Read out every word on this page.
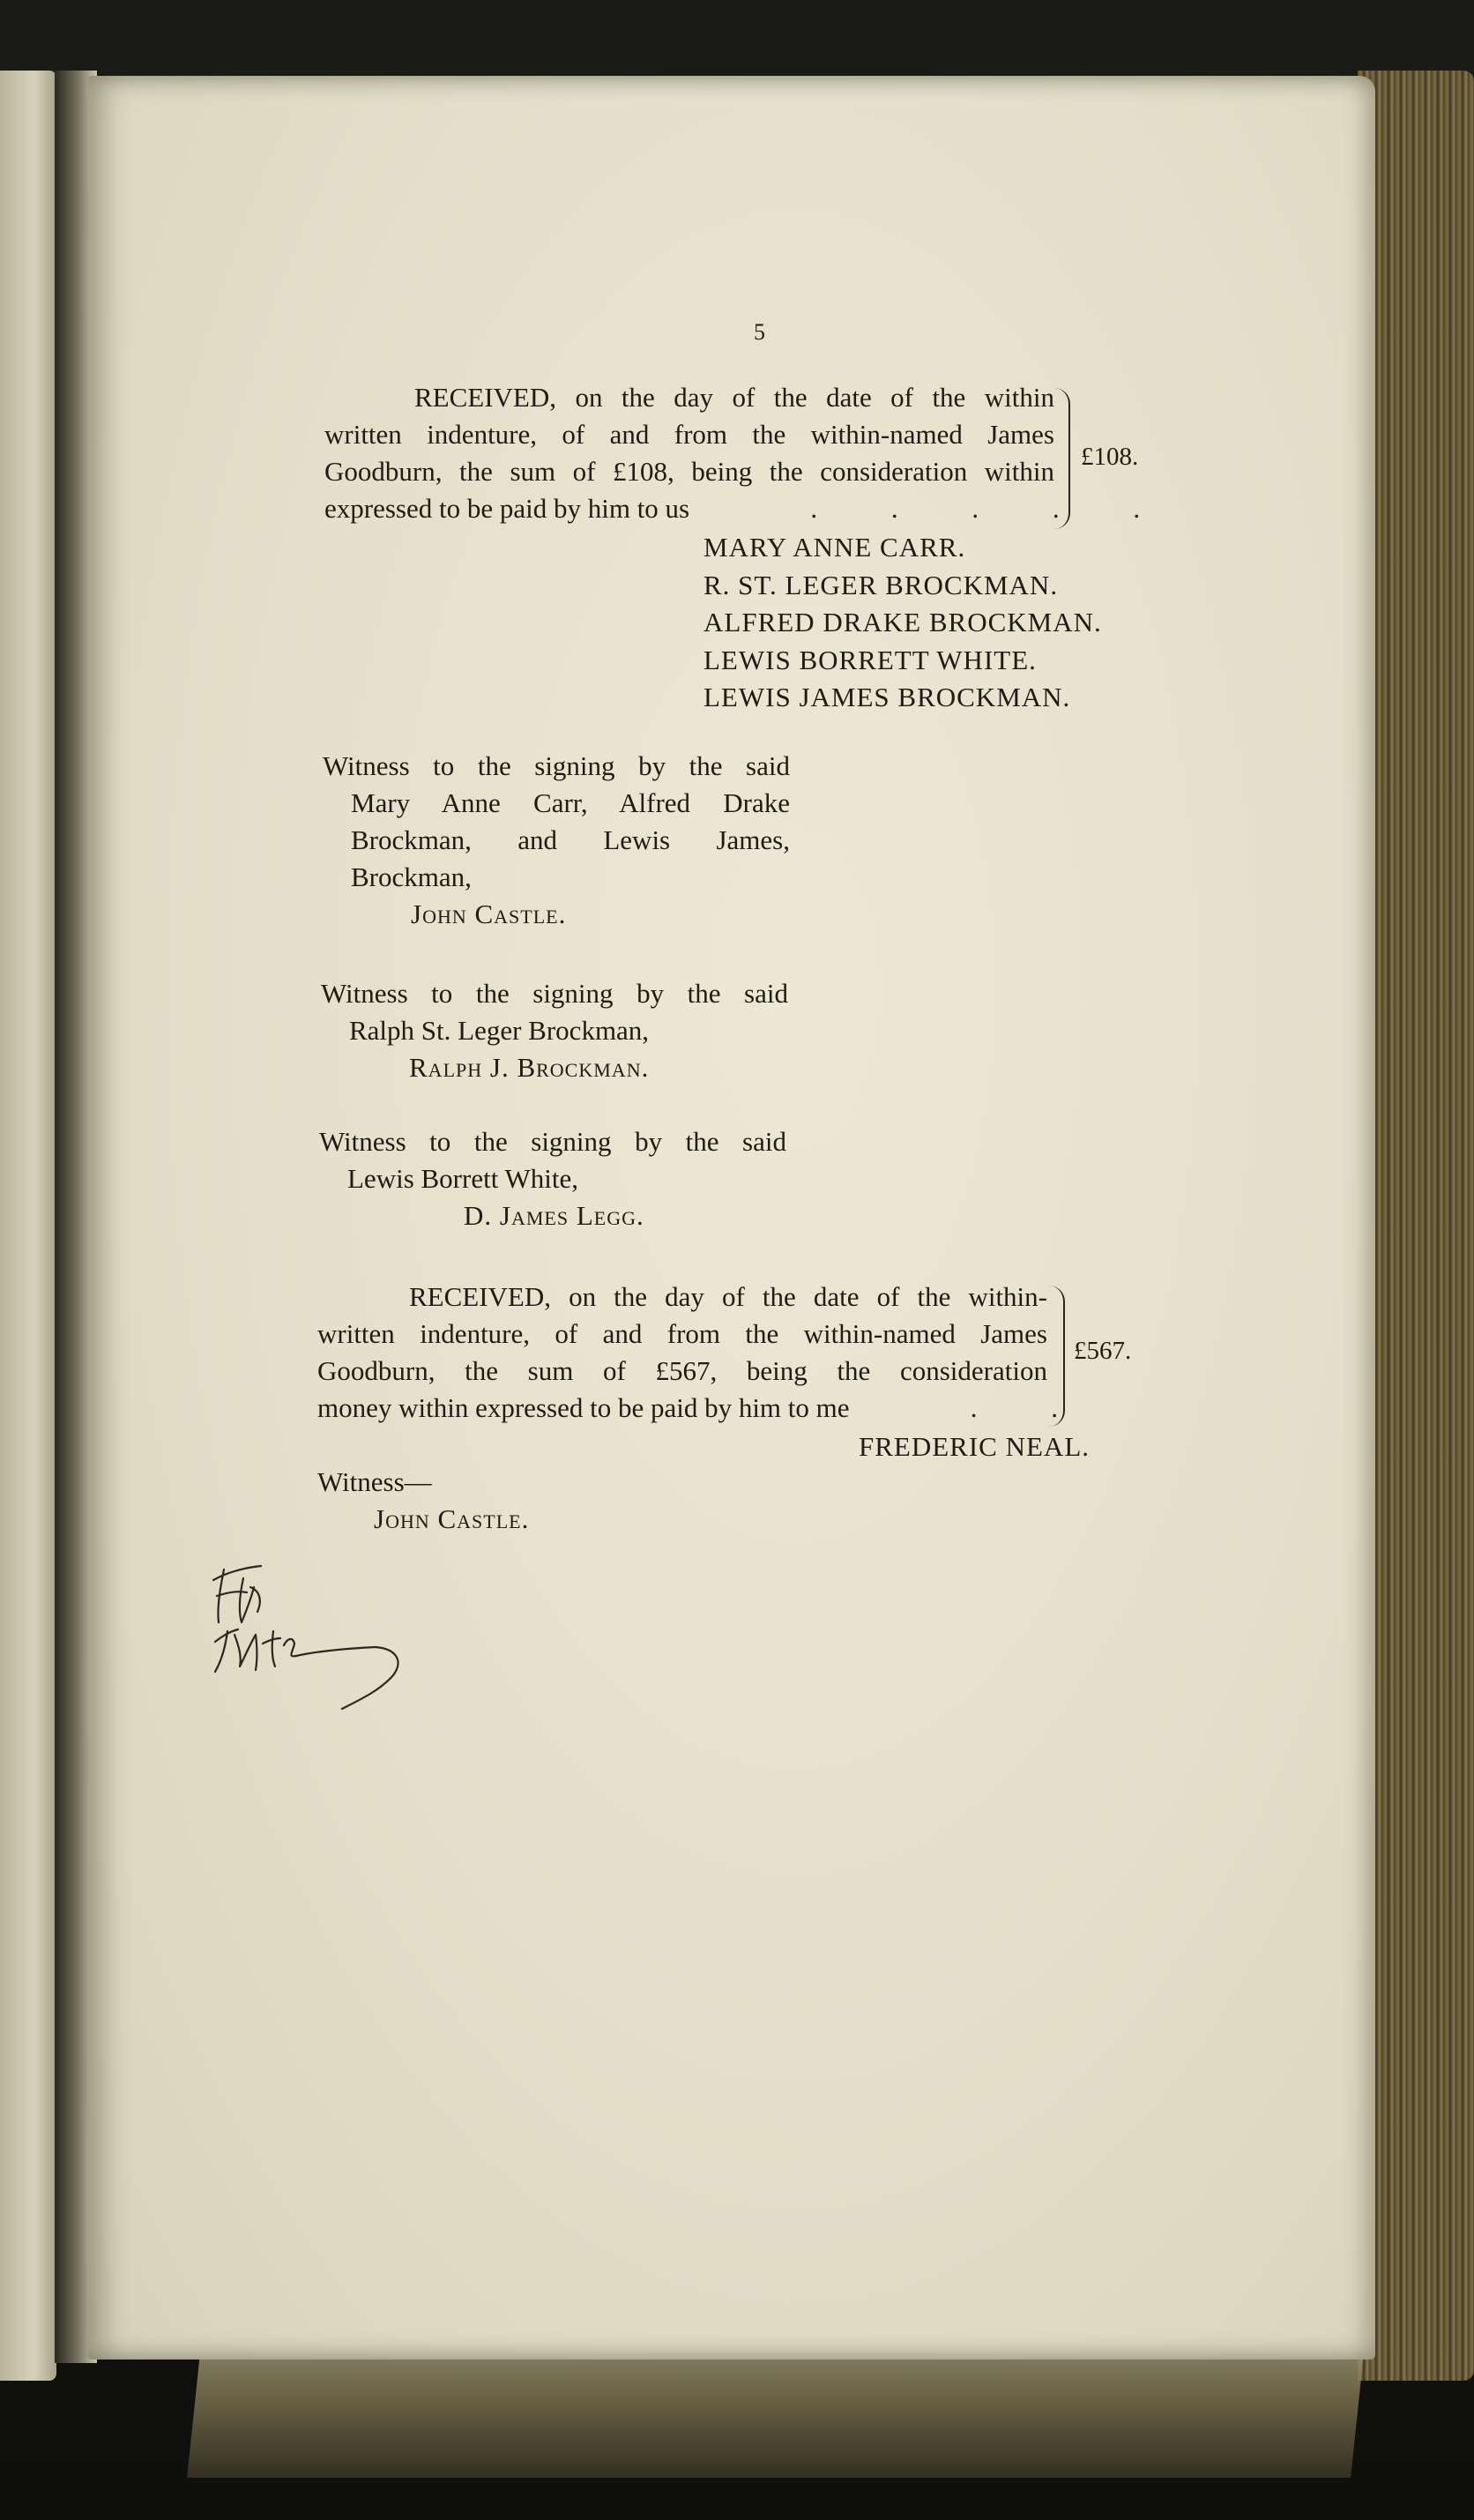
5
RECEIVED, on the day of the date of the within
written indenture, of and from the within-named James
Goodburn, the sum of £108, being the consideration within
expressed to be paid by him to us   . . . . .
£108.
MARY ANNE CARR.
R. ST. LEGER BROCKMAN.
ALFRED DRAKE BROCKMAN.
LEWIS BORRETT WHITE.
LEWIS JAMES BROCKMAN.
Witness to the signing by the said
Mary Anne Carr, Alfred Drake
Brockman, and Lewis James,
Brockman,
John Castle.
Witness to the signing by the said
Ralph St. Leger Brockman,
Ralph J. Brockman.
Witness to the signing by the said
Lewis Borrett White,
D. James Legg.
RECEIVED, on the day of the date of the within-
written indenture, of and from the within-named James
Goodburn, the sum of £567, being the consideration
money within expressed to be paid by him to me   . .
£567.
FREDERIC NEAL.
Witness—
John Castle.
